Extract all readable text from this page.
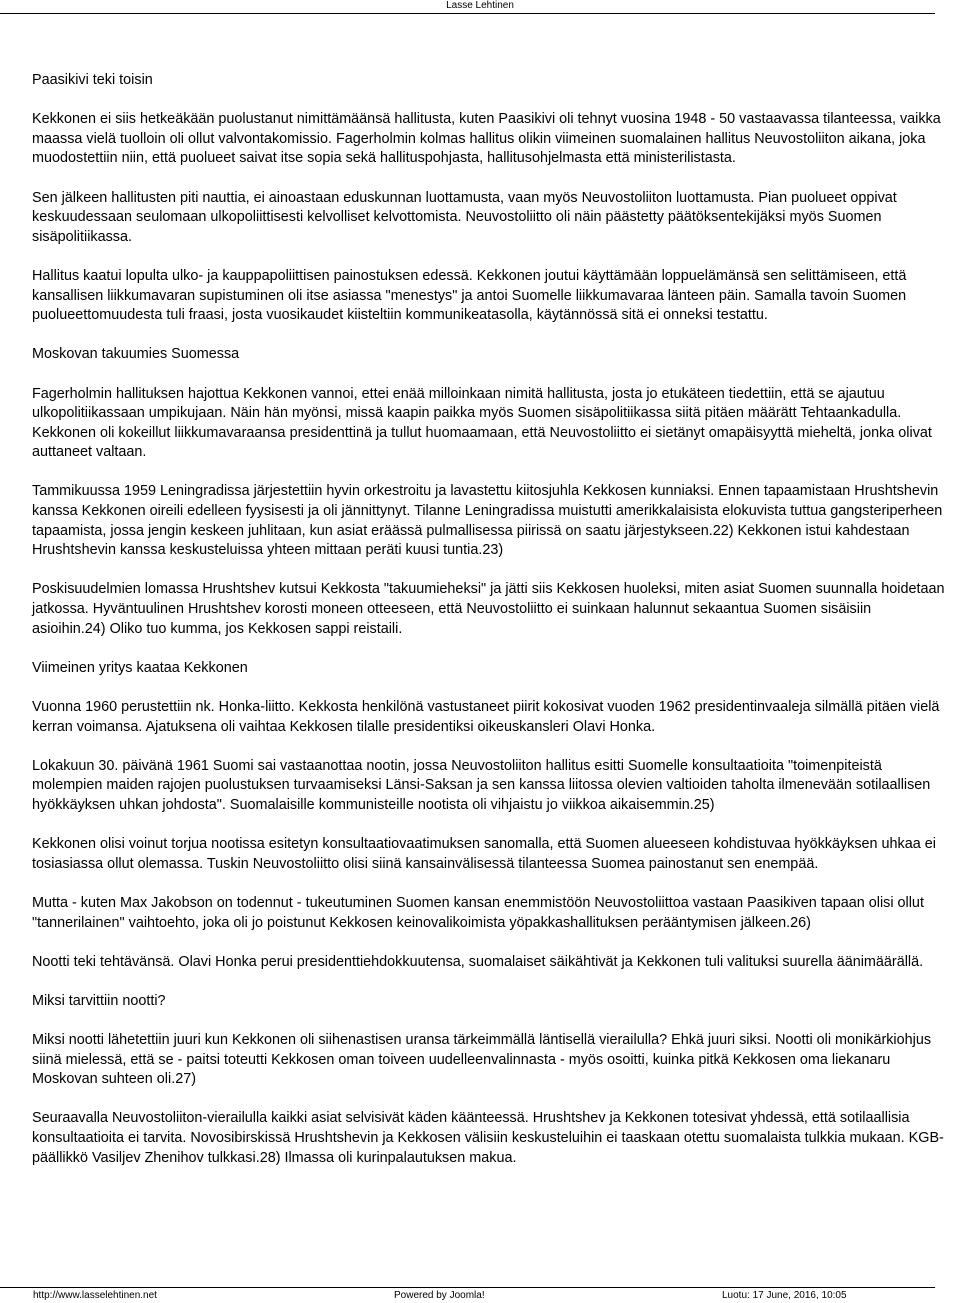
Lasse Lehtinen

Paasikivi teki toisin

Kekkonen ei siis hetkeäkään puolustanut nimittämäänsä hallitusta, kuten Paasikivi oli tehnyt vuosina 1948 - 50 vastaavassa tilanteessa, vaikka maassa vielä tuolloin oli ollut valvontakomissio. Fagerholmin kolmas hallitus olikin viimeinen suomalainen hallitus Neuvostoliiton aikana, joka muodostettiin niin, että puolueet saivat itse sopia sekä hallituspohjasta, hallitusohjelmasta että ministerilistasta.

Sen jälkeen hallitusten piti nauttia, ei ainoastaan eduskunnan luottamusta, vaan myös Neuvostoliiton luottamusta. Pian puolueet oppivat keskuudessaan seulomaan ulkopoliittisesti kelvolliset kelvottomista. Neuvostoliitto oli näin päästetty päätöksentekijäksi myös Suomen sisäpolitiikassa.

Hallitus kaatui lopulta ulko- ja kauppapoliittisen painostuksen edessä. Kekkonen joutui käyttämään loppuelämänsä sen selittämiseen, että kansallisen liikkumavaran supistuminen oli itse asiassa "menestys" ja antoi Suomelle liikkumavaraa länteen päin. Samalla tavoin Suomen puolueettomuudesta tuli fraasi, josta vuosikaudet kiisteltiin kommunikeatasolla, käytännössä sitä ei onneksi testattu.

Moskovan takuumies Suomessa

Fagerholmin hallituksen hajottua Kekkonen vannoi, ettei enää milloinkaan nimitä hallitusta, josta jo etukäteen tiedettiin, että se ajautuu ulkopolitiikassaan umpikujaan. Näin hän myönsi, missä kaapin paikka myös Suomen sisäpolitiikassa siitä pitäen määrätt Tehtaankadulla. Kekkonen oli kokeillut liikkumavaraansa presidenttinä ja tullut huomaamaan, että Neuvostoliitto ei sietänyt omapäisyyttä mieheltä, jonka olivat auttaneet valtaan.

Tammikuussa 1959 Leningradissa järjestettiin hyvin orkestroitu ja lavastettu kiitosjuhla Kekkosen kunniaksi. Ennen tapaamistaan Hrushtshevin kanssa Kekkonen oireili edelleen fyysisesti ja oli jännittynyt. Tilanne Leningradissa muistutti amerikkalaisista elokuvista tuttua gangsteriperheen tapaamista, jossa jengin keskeen juhlitaan, kun asiat eräässä pulmallisessa piirissä on saatu järjestykseen.22) Kekkonen istui kahdestaan Hrushtshevin kanssa keskusteluissa yhteen mittaan peräti kuusi tuntia.23)

Poskisuudelmien lomassa Hrushtshev kutsui Kekkosta "takuumieheksi" ja jätti siis Kekkosen huoleksi, miten asiat Suomen suunnalla hoidetaan jatkossa. Hyväntuulinen Hrushtshev korosti moneen otteeseen, että Neuvostoliitto ei suinkaan halunnut sekaantua Suomen sisäisiin asioihin.24) Oliko tuo kumma, jos Kekkosen sappi reistaili.

Viimeinen yritys kaataa Kekkonen

Vuonna 1960 perustettiin nk. Honka-liitto. Kekkosta henkilönä vastustaneet piirit kokosivat vuoden 1962 presidentinvaaleja silmällä pitäen vielä kerran voimansa. Ajatuksena oli vaihtaa Kekkosen tilalle presidentiksi oikeuskansleri Olavi Honka.

Lokakuun 30. päivänä 1961 Suomi sai vastaanottaa nootin, jossa Neuvostoliiton hallitus esitti Suomelle konsultaatioita "toimenpiteistä molempien maiden rajojen puolustuksen turvaamiseksi Länsi-Saksan ja sen kanssa liitossa olevien valtioiden taholta ilmenevään sotilaallisen hyökkäyksen uhkan johdosta". Suomalaisille kommunisteille nootista oli vihjaistu jo viikkoa aikaisemmin.25)

Kekkonen olisi voinut torjua nootissa esitetyn konsultaatiovaatimuksen sanomalla, että Suomen alueeseen kohdistuvaa hyökkäyksen uhkaa ei tosiasiassa ollut olemassa. Tuskin Neuvostoliitto olisi siinä kansainvälisessä tilanteessa Suomea painostanut sen enempää.

Mutta - kuten Max Jakobson on todennut - tukeutuminen Suomen kansan enemmistöön Neuvostoliittoa vastaan Paasikiven tapaan olisi ollut "tannerilainen" vaihtoehto, joka oli jo poistunut Kekkosen keinovalikoimista yöpakkashallituksen perääntymisen jälkeen.26)

Nootti teki tehtävänsä. Olavi Honka perui presidenttiehdokkuutensa, suomalaiset säikähtivät ja Kekkonen tuli valituksi suurella äänimäärällä.

Miksi tarvittiin nootti?

Miksi nootti lähetettiin juuri kun Kekkonen oli siihenastisen uransa tärkeimmällä läntisellä vierailulla? Ehkä juuri siksi. Nootti oli monikärkiohjus siinä mielessä, että se - paitsi toteutti Kekkosen oman toiveen uudelleenvalinnasta - myös osoitti, kuinka pitkä Kekkosen oma liekanaru Moskovan suhteen oli.27)

Seuraavalla Neuvostoliiton-vierailulla kaikki asiat selvisivät käden käänteessä. Hrushtshev ja Kekkonen totesivat yhdessä, että sotilaallisia konsultaatioita ei tarvita. Novosibirskissä Hrushtshevin ja Kekkosen välisiin keskusteluihin ei taaskaan otettu suomalaista tulkkia mukaan. KGB-päällikkö Vasiljev Zhenihov tulkkasi.28) Ilmassa oli kurinpalautuksen makua.

http://www.lasselehtinen.net	Powered by Joomla!	Luotu: 17 June, 2016, 10:05
